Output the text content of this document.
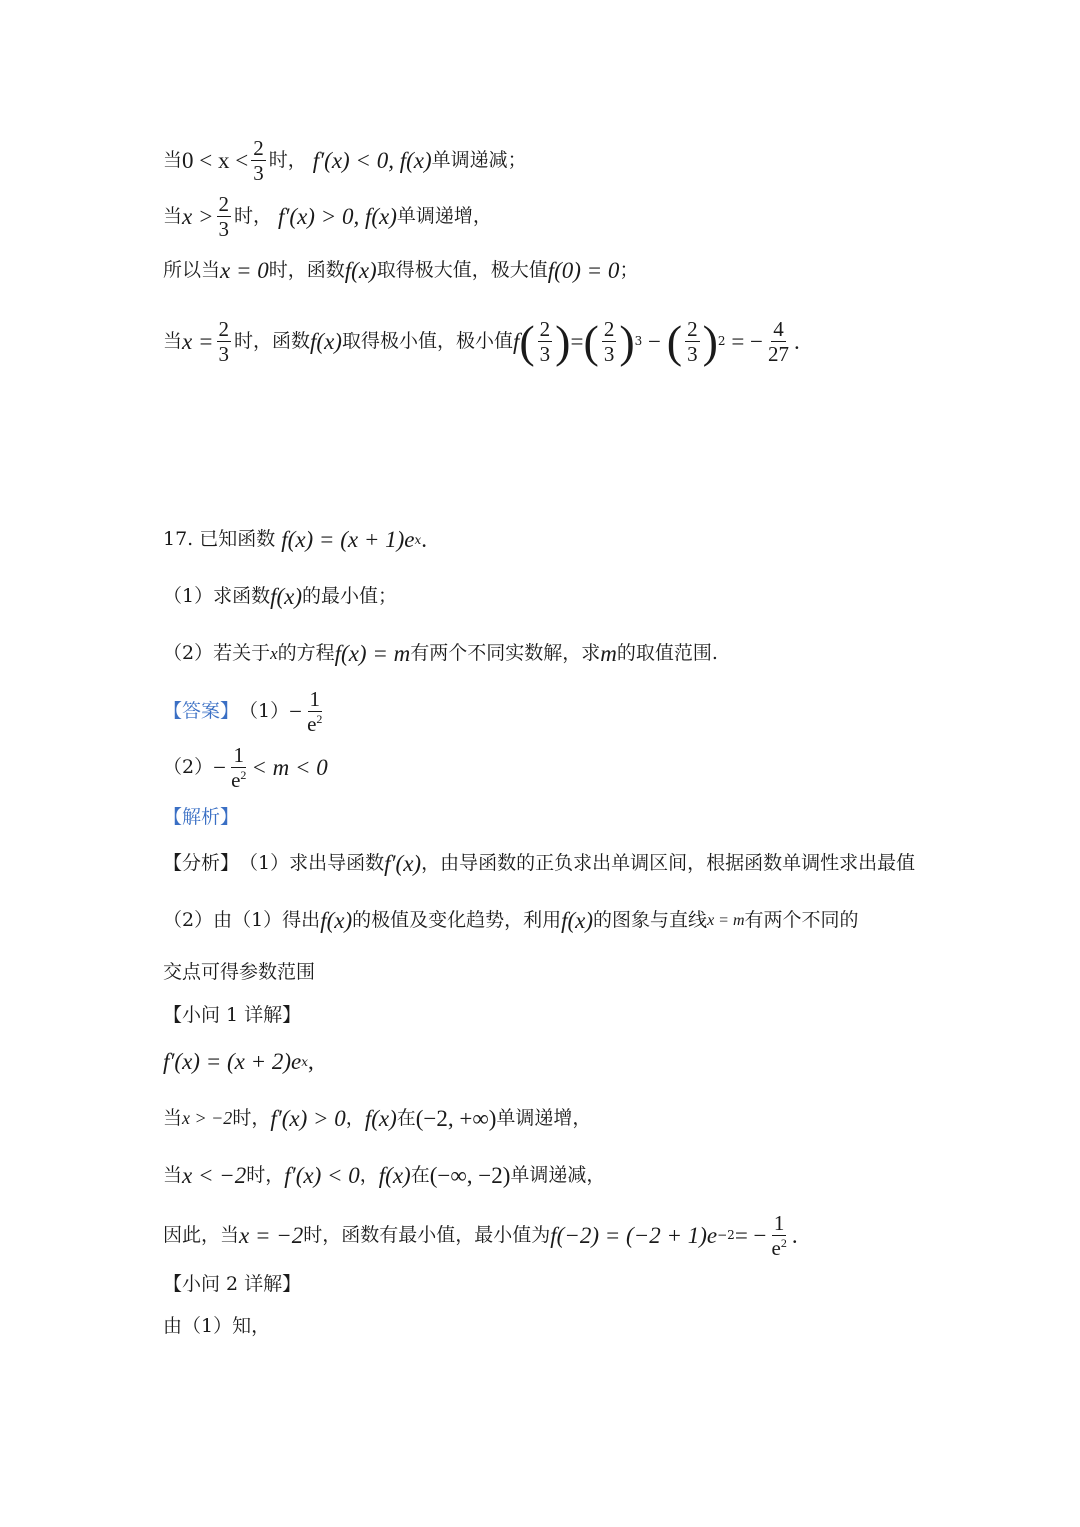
当 $0 < x < \frac{2}{3}$ 时， f′(x) < 0, f(x) 单调递减；
当 $x > \frac{2}{3}$ 时， f′(x) > 0, f(x) 单调递增，
所以当 x = 0 时，函数 f(x) 取得极大值，极大值 f(0) = 0 ；
当 $x = \frac{2}{3}$ 时，函数 f(x) 取得极小值，极小值 f ( $\frac{2}{3}$ ) = ( $\frac{2}{3}$ ) 3 − ( $\frac{2}{3}$ ) 2 = − $\frac{4}{27}$ .
17. 已知函数 f(x) = (x + 1)e x .
（1）求函数 f(x) 的最小值；
（2）若关于 x 的方程 f(x) = m 有两个不同实数解，求 m 的取值范围.
【答案】 $(1) - \frac{1}{e^2}$
$(2) - \frac{1}{e^2} < m < 0$
【解析】
【分析】 （1）求出导函数 f′(x) ，由导函数的正负求出单调区间，根据函数单调性求出最值
（2）由（1）得出 f(x) 的极值及变化趋势，利用 f(x) 的图象与直线 x = m 有两个不同的
交点可得参数范围
【小问 1 详解】
f′(x) = (x + 2)e x ,
当 x > −2 时， f′(x) > 0 ， f(x) 在 (−2, +∞) 单调递增，
当 x < −2 时， f′(x) < 0 ， f(x) 在 (−∞, −2) 单调递减，
因此，当 x = −2 时，函数有最小值，最小值为 f(−2) = (−2 + 1)e −2 = − $\frac{1}{e^2}$ .
【小问 2 详解】
由（1）知，
